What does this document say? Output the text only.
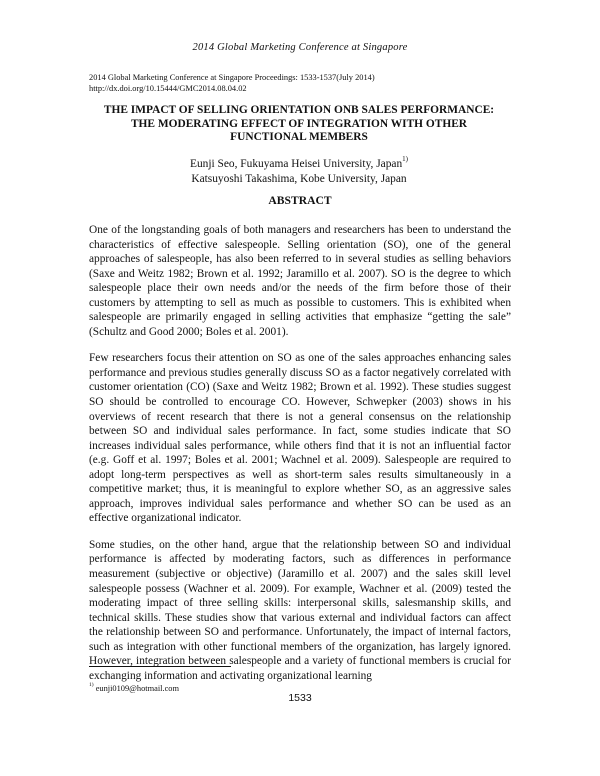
2014 Global Marketing Conference at Singapore
2014 Global Marketing Conference at Singapore Proceedings: 1533-1537(July 2014)
http://dx.doi.org/10.15444/GMC2014.08.04.02
THE IMPACT OF SELLING ORIENTATION ONB SALES PERFORMANCE:
THE MODERATING EFFECT OF INTEGRATION WITH OTHER
FUNCTIONAL MEMBERS
Eunji Seo, Fukuyama Heisei University, Japan$^{1)}$
Katsuyoshi Takashima, Kobe University, Japan
ABSTRACT

One of the longstanding goals of both managers and researchers has been to understand the characteristics of effective salespeople. Selling orientation (SO), one of the general approaches of salespeople, has also been referred to in several studies as selling behaviors (Saxe and Weitz 1982; Brown et al. 1992; Jaramillo et al. 2007). SO is the degree to which salespeople place their own needs and/or the needs of the firm before those of their customers by attempting to sell as much as possible to customers. This is exhibited when salespeople are primarily engaged in selling activities that emphasize “getting the sale” (Schultz and Good 2000; Boles et al. 2001).

Few researchers focus their attention on SO as one of the sales approaches enhancing sales performance and previous studies generally discuss SO as a factor negatively correlated with customer orientation (CO) (Saxe and Weitz 1982; Brown et al. 1992). These studies suggest SO should be controlled to encourage CO. However, Schwepker (2003) shows in his overviews of recent research that there is not a general consensus on the relationship between SO and individual sales performance. In fact, some studies indicate that SO increases individual sales performance, while others find that it is not an influential factor (e.g. Goff et al. 1997; Boles et al. 2001; Wachnel et al. 2009). Salespeople are required to adopt long-term perspectives as well as short-term sales results simultaneously in a competitive market; thus, it is meaningful to explore whether SO, as an aggressive sales approach, improves individual sales performance and whether SO can be used as an effective organizational indicator.

Some studies, on the other hand, argue that the relationship between SO and individual performance is affected by moderating factors, such as differences in performance measurement (subjective or objective) (Jaramillo et al. 2007) and the sales skill level salespeople possess (Wachner et al. 2009). For example, Wachner et al. (2009) tested the moderating impact of three selling skills: interpersonal skills, salesmanship skills, and technical skills. These studies show that various external and individual factors can affect the relationship between SO and performance. Unfortunately, the impact of internal factors, such as integration with other functional members of the organization, has largely ignored. However, integration between salespeople and a variety of functional members is crucial for exchanging information and activating organizational learning

$^{1)}$ eunji0109@hotmail.com
1533
